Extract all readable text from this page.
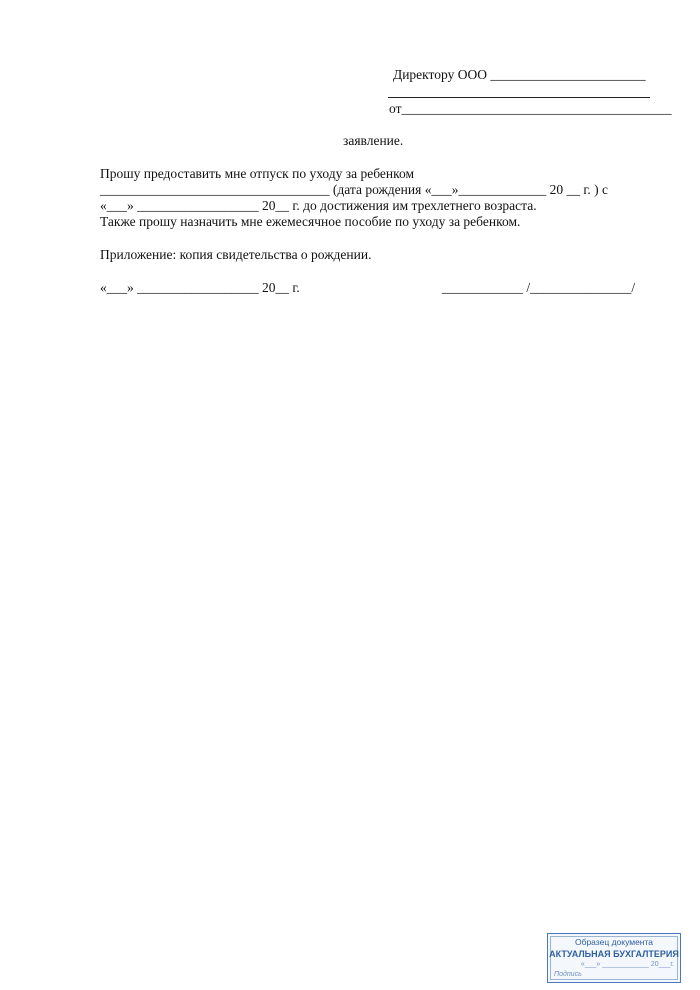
Директору ООО _______________________
от________________________________________
заявление.
Прошу предоставить мне отпуск по уходу за ребенком
__________________________________ (дата рождения «___»_____________ 20 __ г. ) с
«___» __________________ 20__ г. до достижения им трехлетнего возраста.
Также прошу назначить мне ежемесячное пособие по уходу за ребенком.
Приложение: копия свидетельства о рождении.
«___» __________________ 20__ г.	____________ /_______________/
Образец документа
АКТУАЛЬНАЯ БУХГАЛТЕРИЯ
«___» ____________ 20___г.
Подпись
